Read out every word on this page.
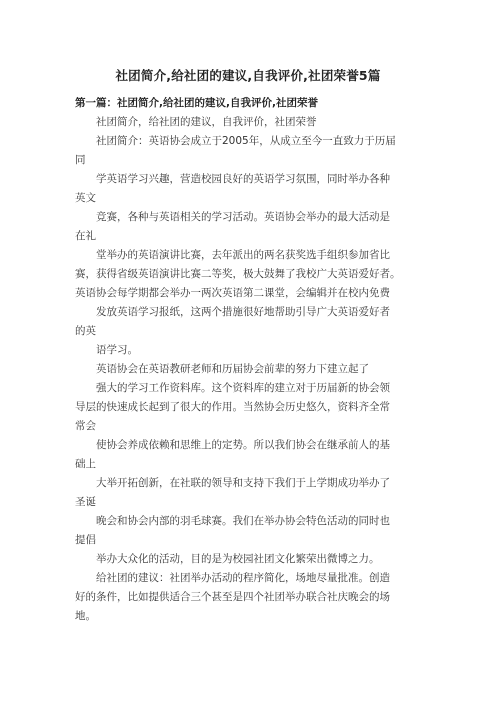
社团简介,给社团的建议,自我评价,社团荣誉5篇
第一篇：社团简介,给社团的建议,自我评价,社团荣誉
社团简介，给社团的建议，自我评价，社团荣誉
社团简介：英语协会成立于2005年，从成立至今一直致力于历届
同
学英语学习兴趣，营造校园良好的英语学习氛围，同时举办各种
英文
竞赛，各种与英语相关的学习活动。英语协会举办的最大活动是
在礼
堂举办的英语演讲比赛，去年派出的两名获奖选手组织参加省比
赛，获得省级英语演讲比赛二等奖，极大鼓舞了我校广大英语爱好者。
英语协会每学期都会举办一两次英语第二课堂，会编辑并在校内免费
发放英语学习报纸，这两个措施很好地帮助引导广大英语爱好者
的英
语学习。
英语协会在英语教研老师和历届协会前辈的努力下建立起了
强大的学习工作资料库。这个资料库的建立对于历届新的协会领
导层的快速成长起到了很大的作用。当然协会历史悠久，资料齐全常
常会
使协会养成依赖和思维上的定势。所以我们协会在继承前人的基
础上
大举开拓创新，在社联的领导和支持下我们于上学期成功举办了
圣诞
晚会和协会内部的羽毛球赛。我们在举办协会特色活动的同时也
提倡
举办大众化的活动，目的是为校园社团文化繁荣出微博之力。
给社团的建议：社团举办活动的程序简化，场地尽量批准。创造
好的条件，比如提供适合三个甚至是四个社团举办联合社庆晚会的场
地。
